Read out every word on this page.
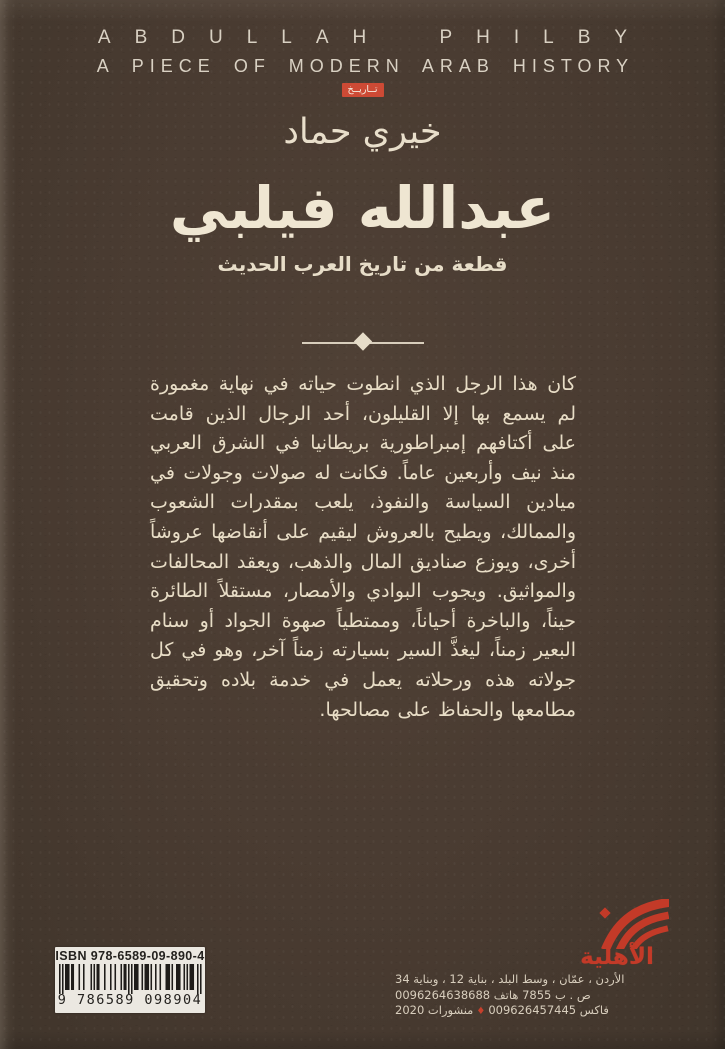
ABDULLAH PHILBY
A PIECE OF MODERN ARAB HISTORY
تــاريــخ
خيري حماد
عبدالله فيلبي
قطعة من تاريخ العرب الحديث
كان هذا الرجل الذي انطوت حياته في نهاية مغمورة لم يسمع بها إلا القليلون، أحد الرجال الذين قامت على أكتافهم إمبراطورية بريطانيا في الشرق العربي منذ نيف وأربعين عاماً. فكانت له صولات وجولات في ميادين السياسة والنفوذ، يلعب بمقدرات الشعوب والممالك، ويطيح بالعروش ليقيم على أنقاضها عروشاً أخرى، ويوزع صناديق المال والذهب، ويعقد المحالفات والمواثيق. ويجوب البوادي والأمصار، مستقلاً الطائرة حيناً، والباخرة أحياناً، وممتطياً صهوة الجواد أو سنام البعير زمناً، ليغذَّ السير بسيارته زمناً آخر، وهو في كل جولاته هذه ورحلاته يعمل في خدمة بلاده وتحقيق مطامعها والحفاظ على مصالحها.
ISBN 978-6589-09-890-4
9 786589 098904
الأهلية
الأردن ، عمّان ، وسط البلد ، بناية 12 ، وبناية 34
ص . ب 7855 هاتف 0096264638688
فاكس 009626457445♦منشورات 2020
